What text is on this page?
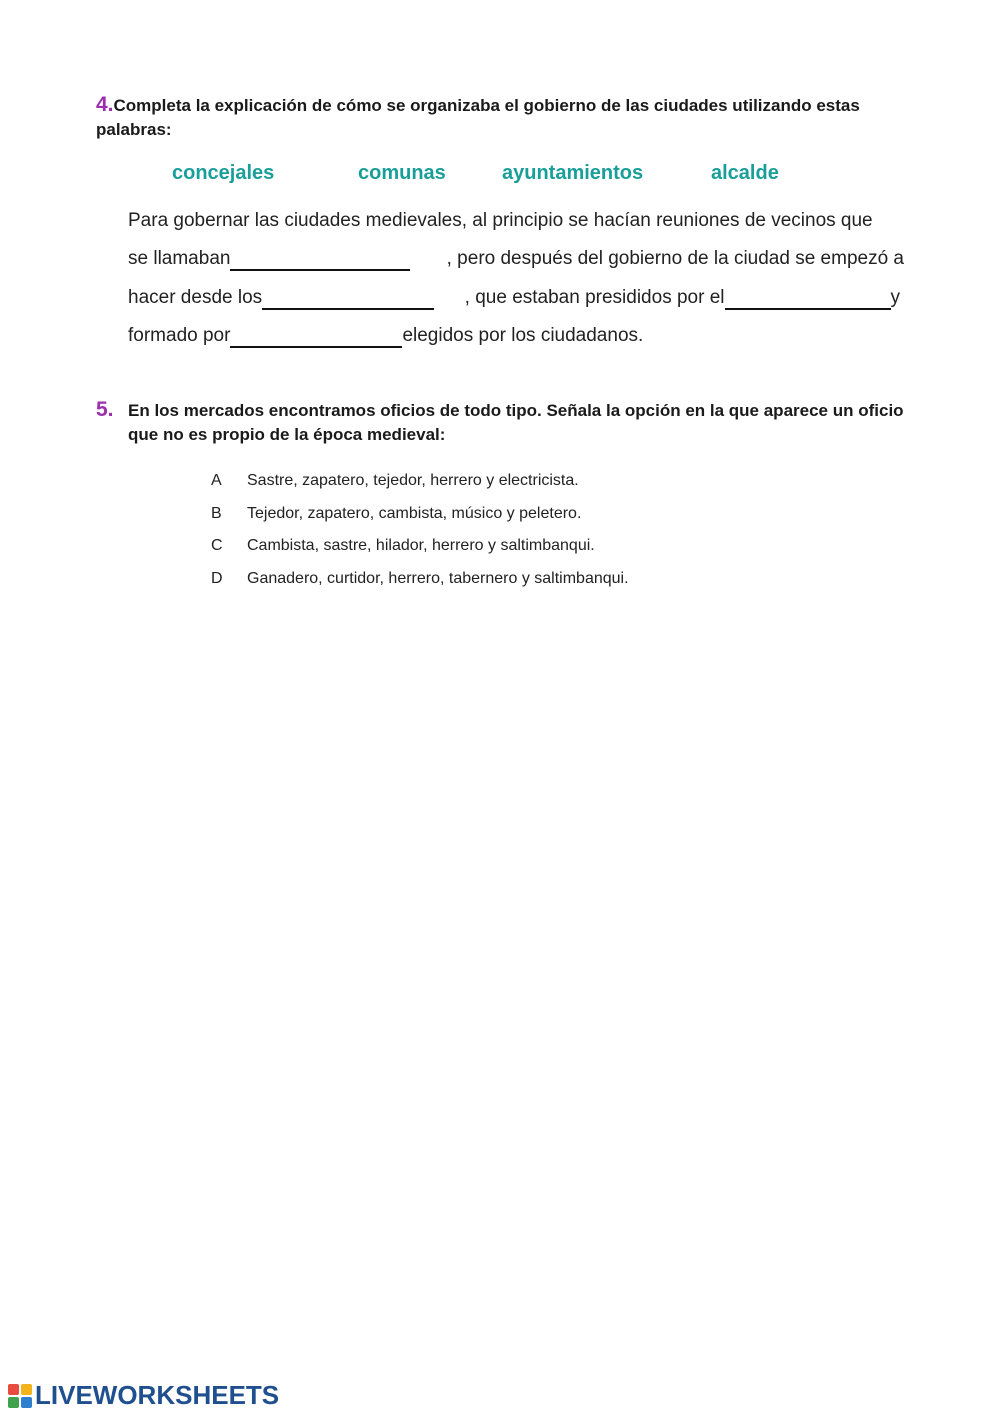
4.Completa la explicación de cómo se organizaba el gobierno de las ciudades utilizando estas palabras:
concejales	comunas	ayuntamientos	alcalde
Para gobernar las ciudades medievales, al principio se hacían reuniones de vecinos que
se llamaban	, pero después del gobierno de la ciudad se empezó a
hacer desde los	, que estaban presididos por el	y
formado por	elegidos por los ciudadanos.
5. En los mercados encontramos oficios de todo tipo. Señala la opción en la que aparece un oficio que no es propio de la época medieval:
A Sastre, zapatero, tejedor, herrero y electricista.
B Tejedor, zapatero, cambista, músico y peletero.
C Cambista, sastre, hilador, herrero y saltimbanqui.
D Ganadero, curtidor, herrero, tabernero y saltimbanqui.
LIVEWORKSHEETS
